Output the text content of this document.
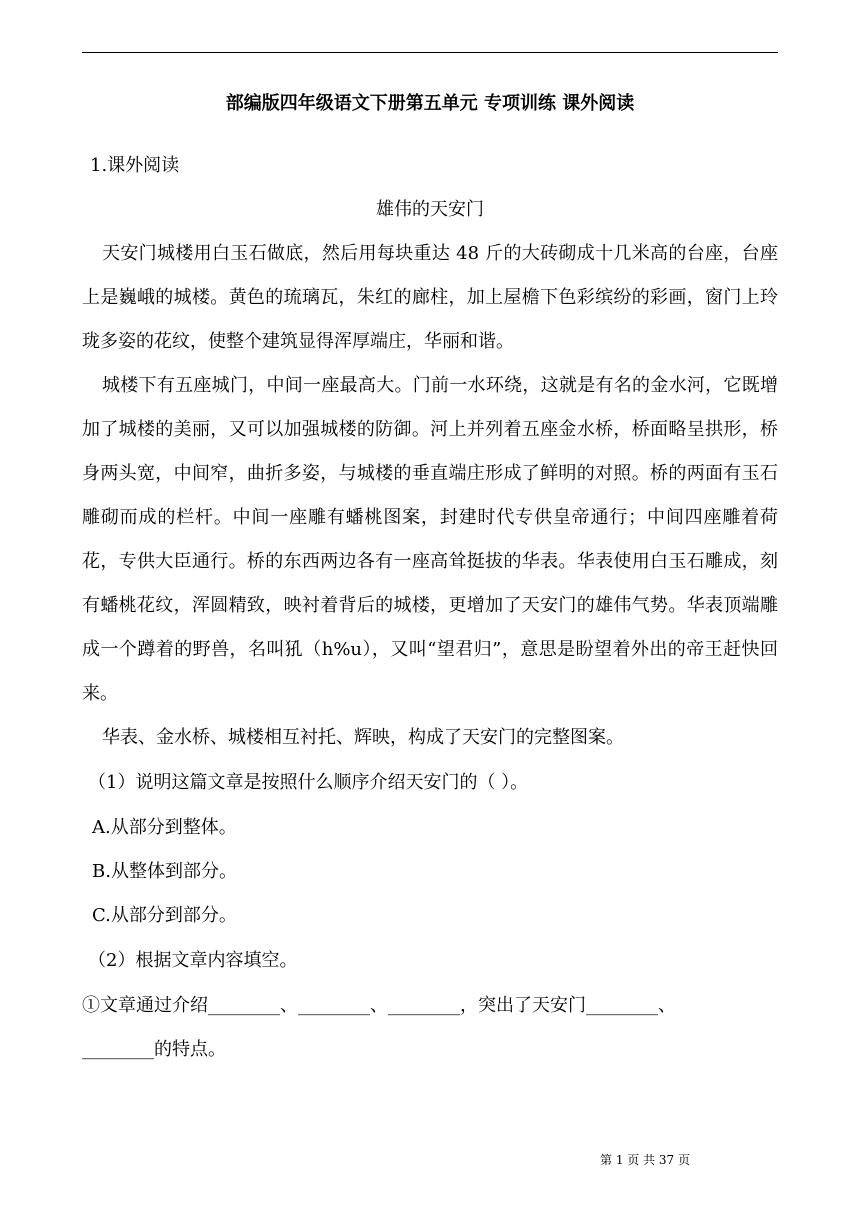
部编版四年级语文下册第五单元 专项训练 课外阅读
1.课外阅读
雄伟的天安门

天安门城楼用白玉石做底，然后用每块重达 48 斤的大砖砌成十几米高的台座，台座上是巍峨的城楼。黄色的琉璃瓦，朱红的廊柱，加上屋檐下色彩缤纷的彩画，窗门上玲珑多姿的花纹，使整个建筑显得浑厚端庄，华丽和谐。

城楼下有五座城门，中间一座最高大。门前一水环绕，这就是有名的金水河，它既增加了城楼的美丽，又可以加强城楼的防御。河上并列着五座金水桥，桥面略呈拱形，桥身两头宽，中间窄，曲折多姿，与城楼的垂直端庄形成了鲜明的对照。桥的两面有玉石雕砌而成的栏杆。中间一座雕有蟠桃图案，封建时代专供皇帝通行；中间四座雕着荷花，专供大臣通行。桥的东西两边各有一座高耸挺拔的华表。华表使用白玉石雕成，刻有蟠桃花纹，浑圆精致，映衬着背后的城楼，更增加了天安门的雄伟气势。华表顶端雕成一个蹲着的野兽，名叫犼（h%u），又叫“望君归”，意思是盼望着外出的帝王赶快回来。

华表、金水桥、城楼相互衬托、辉映，构成了天安门的完整图案。

（1）说明这篇文章是按照什么顺序介绍天安门的（ ）。
A.从部分到整体。
B.从整体到部分。
C.从部分到部分。
（2）根据文章内容填空。
①文章通过介绍________、________、________，突出了天安门________、
________的特点。
第 1 页 共 37 页
